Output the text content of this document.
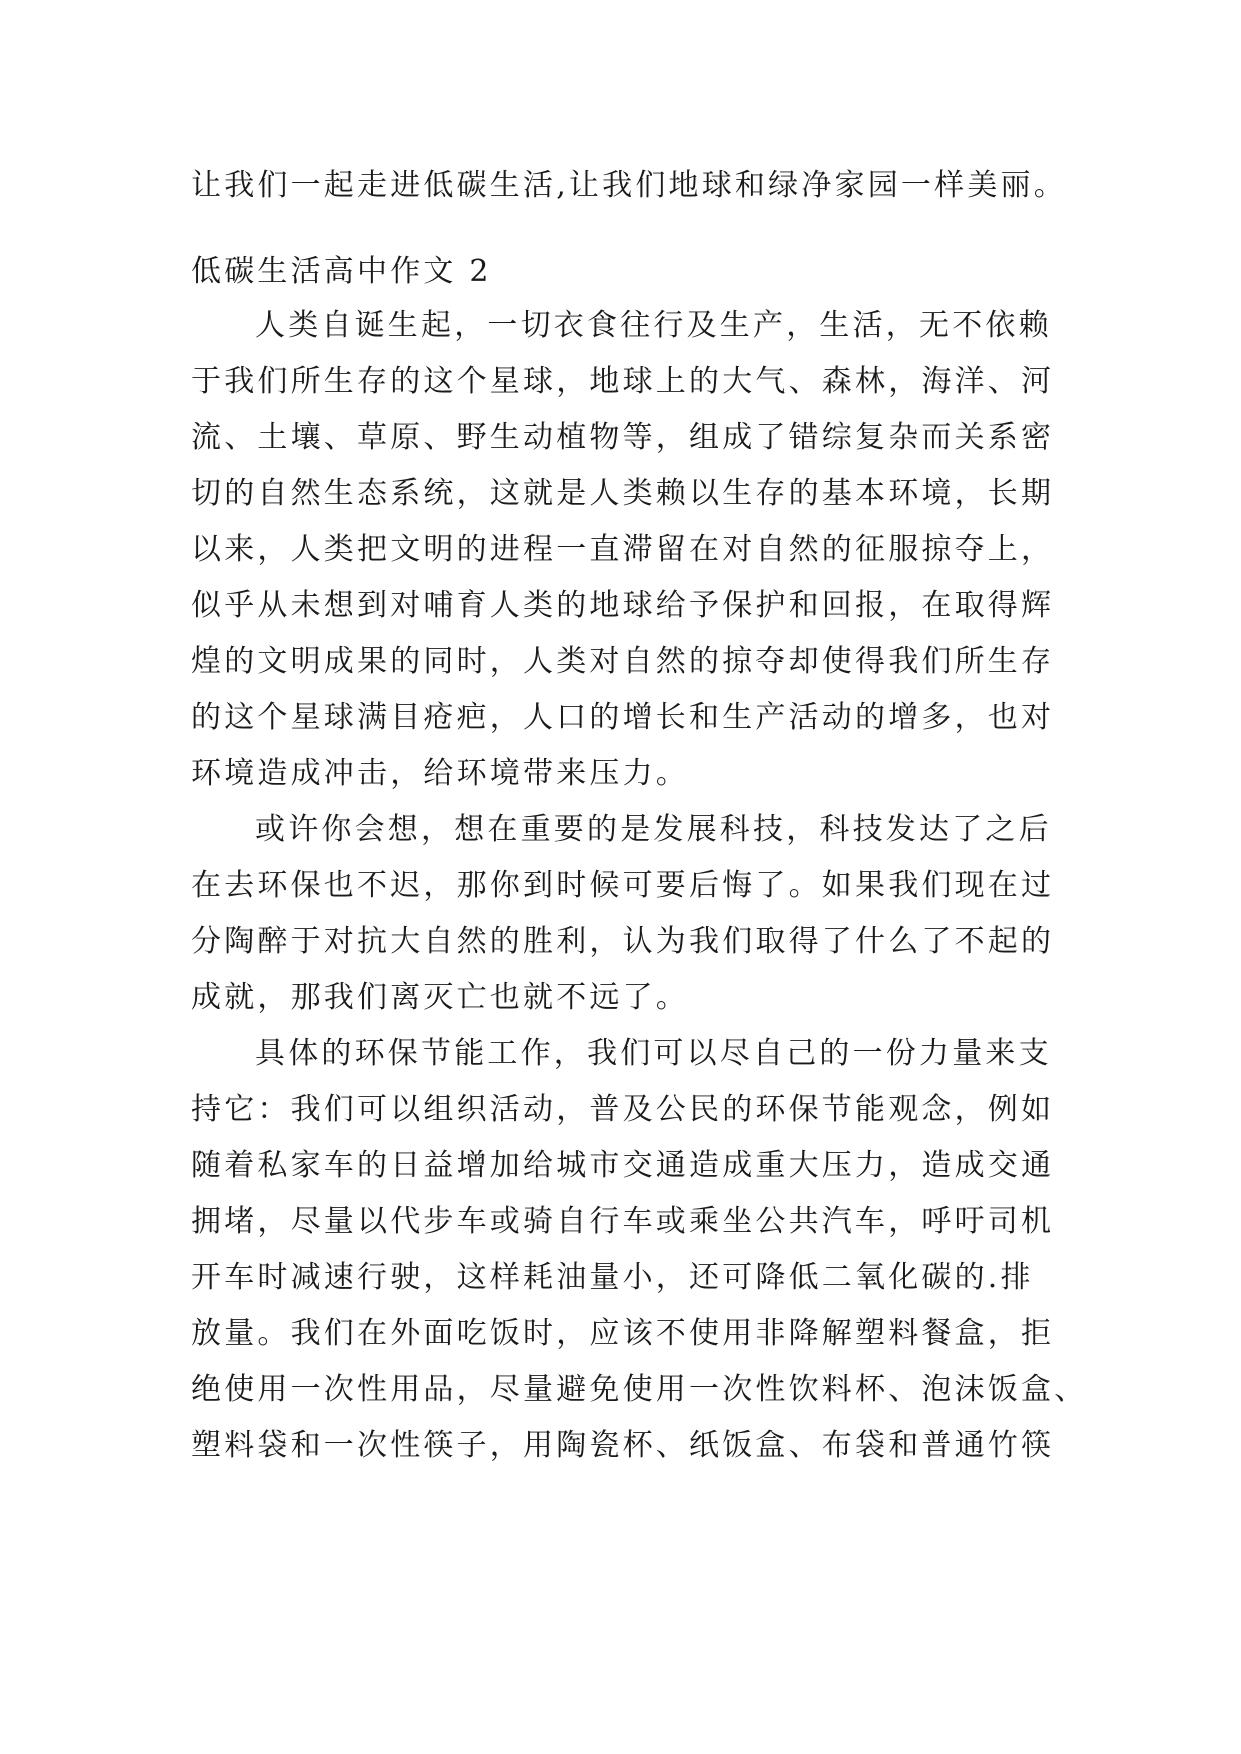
让我们一起走进低碳生活,让我们地球和绿净家园一样美丽。
低碳生活高中作文 2
人类自诞生起，一切衣食往行及生产，生活，无不依赖
于我们所生存的这个星球，地球上的大气、森林，海洋、河
流、土壤、草原、野生动植物等，组成了错综复杂而关系密
切的自然生态系统，这就是人类赖以生存的基本环境，长期
以来，人类把文明的进程一直滞留在对自然的征服掠夺上，
似乎从未想到对哺育人类的地球给予保护和回报，在取得辉
煌的文明成果的同时，人类对自然的掠夺却使得我们所生存
的这个星球满目疮疤，人口的增长和生产活动的增多，也对
环境造成冲击，给环境带来压力。
或许你会想，想在重要的是发展科技，科技发达了之后
在去环保也不迟，那你到时候可要后悔了。如果我们现在过
分陶醉于对抗大自然的胜利，认为我们取得了什么了不起的
成就，那我们离灭亡也就不远了。
具体的环保节能工作，我们可以尽自己的一份力量来支
持它：我们可以组织活动，普及公民的环保节能观念，例如
随着私家车的日益增加给城市交通造成重大压力，造成交通
拥堵，尽量以代步车或骑自行车或乘坐公共汽车，呼吁司机
开车时减速行驶，这样耗油量小，还可降低二氧化碳的.排
放量。我们在外面吃饭时，应该不使用非降解塑料餐盒，拒
绝使用一次性用品，尽量避免使用一次性饮料杯、泡沫饭盒、
塑料袋和一次性筷子，用陶瓷杯、纸饭盒、布袋和普通竹筷
